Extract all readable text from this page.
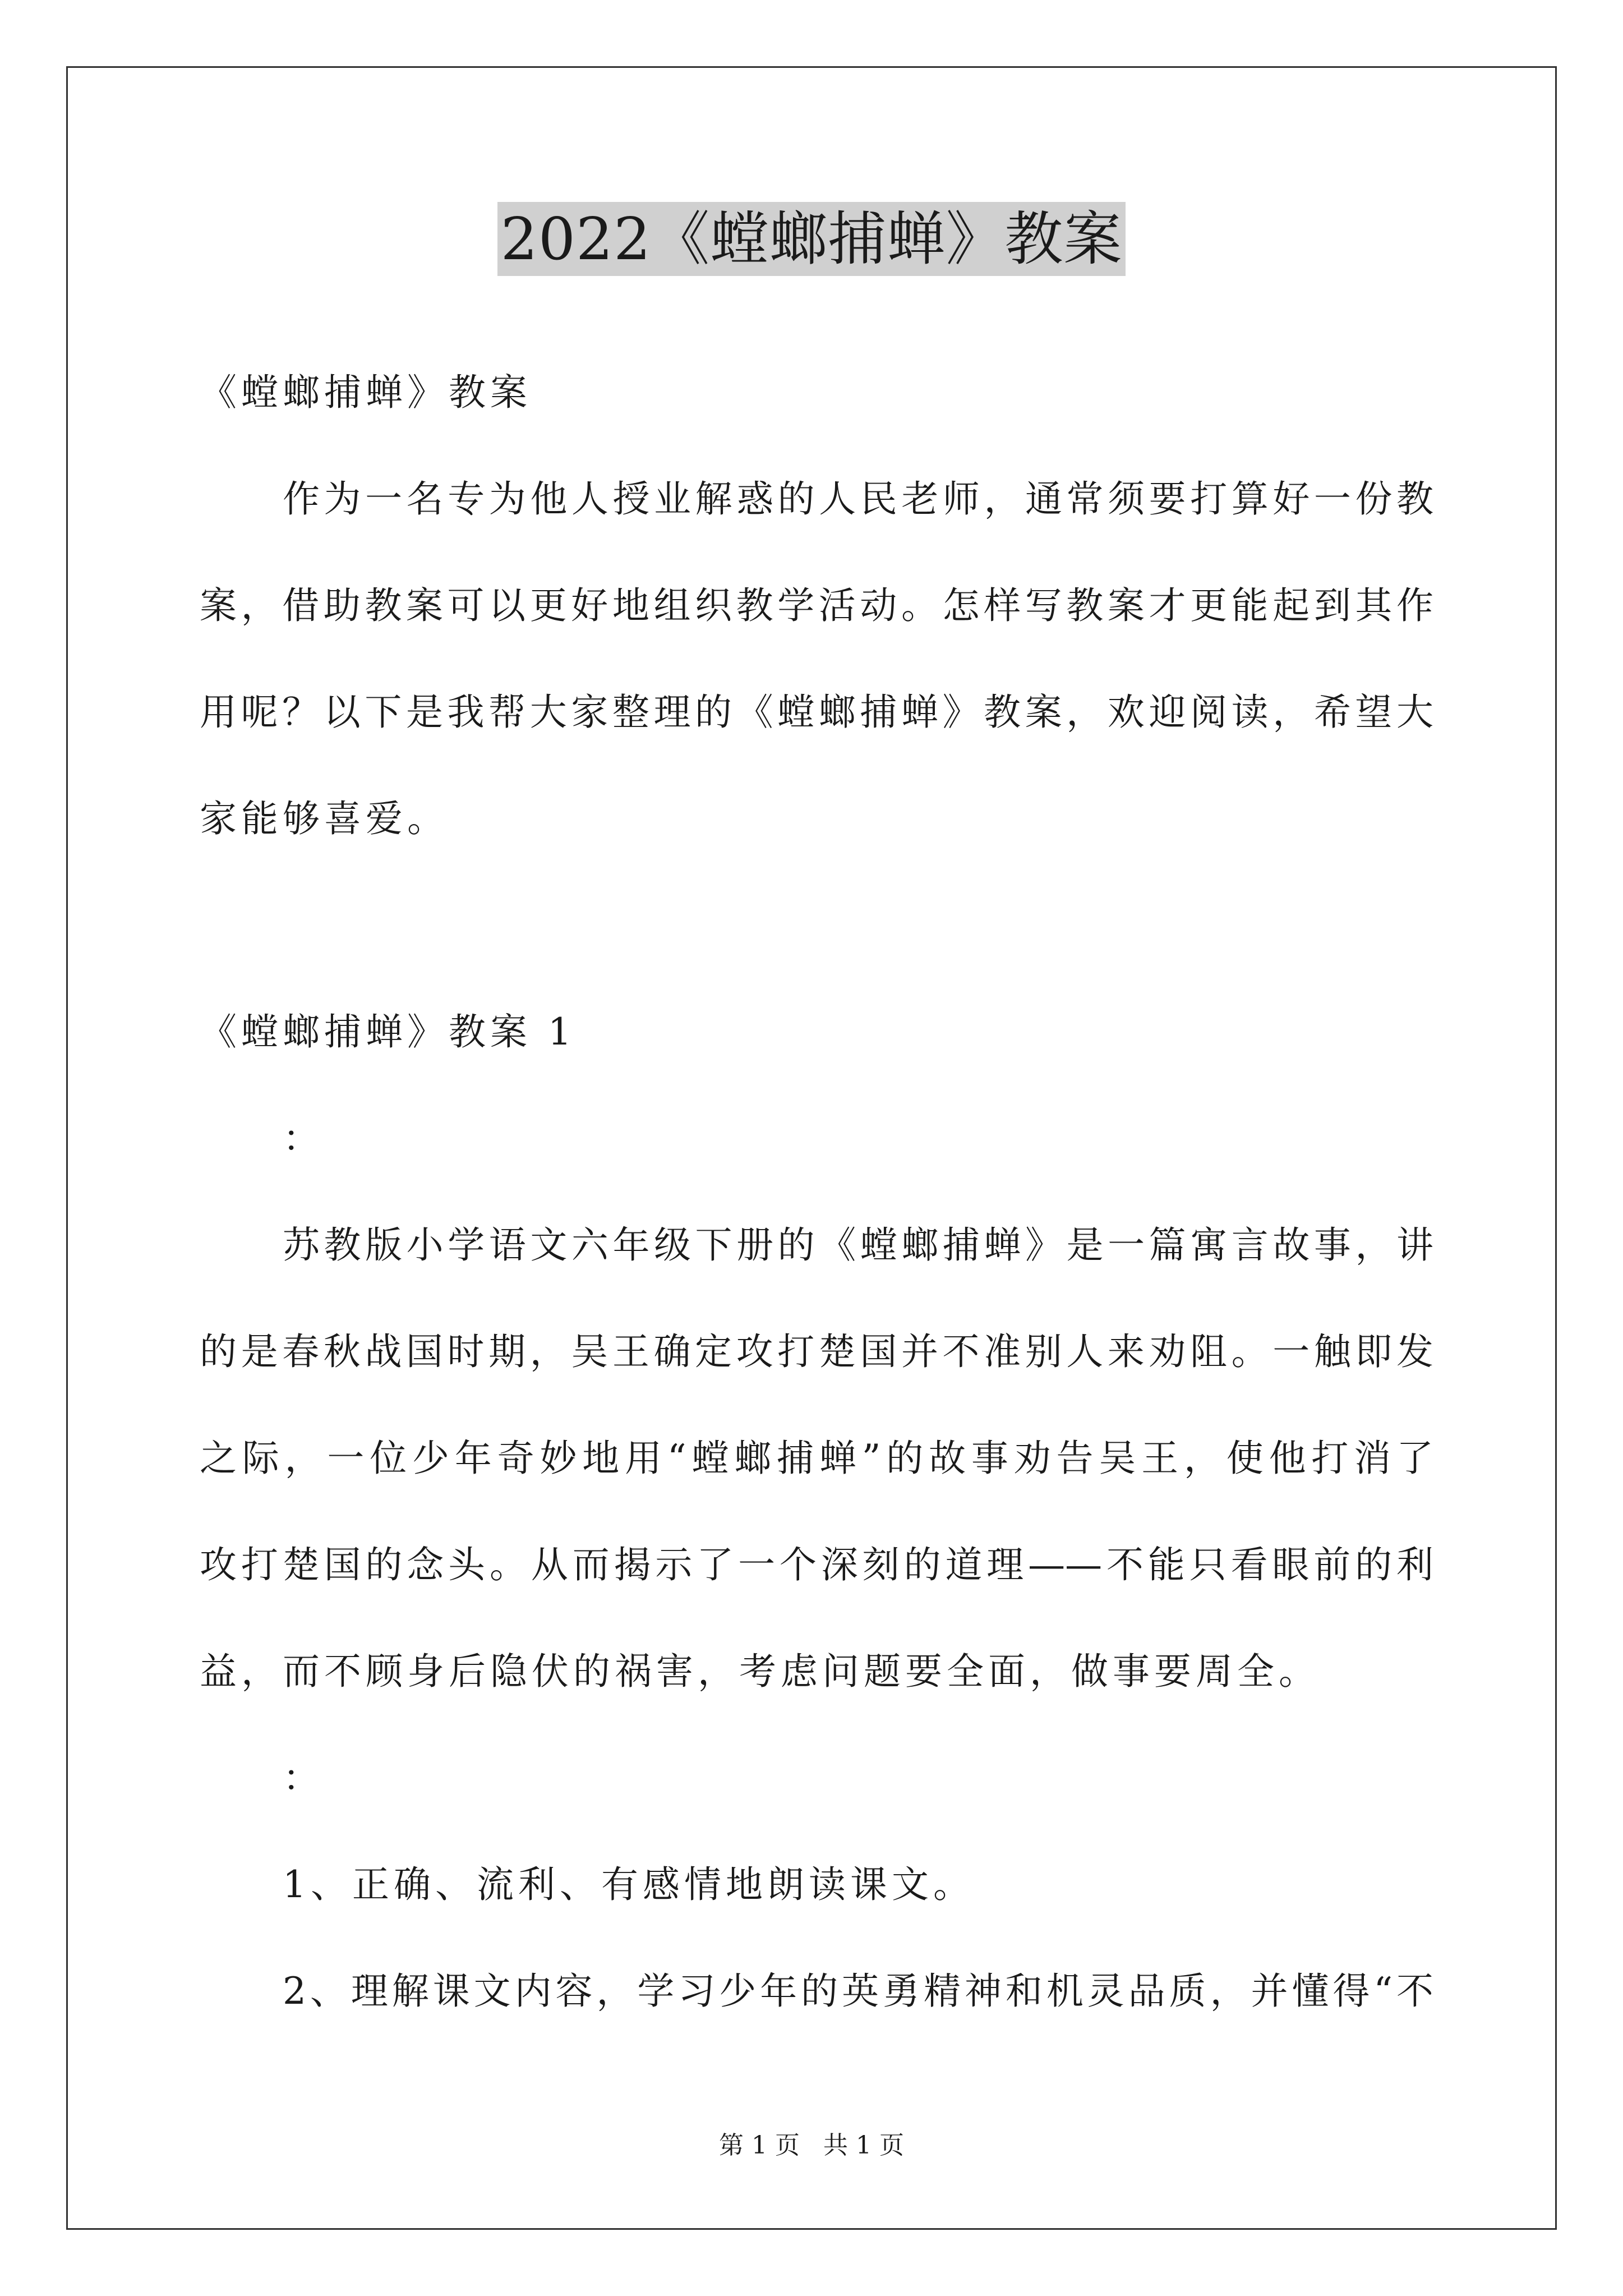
2022《螳螂捕蝉》教案
《螳螂捕蝉》教案
作为一名专为他人授业解惑的人民老师，通常须要打算好一份教
案，借助教案可以更好地组织教学活动。怎样写教案才更能起到其作
用呢？以下是我帮大家整理的《螳螂捕蝉》教案，欢迎阅读，希望大
家能够喜爱。
《螳螂捕蝉》教案 1
：
苏教版小学语文六年级下册的《螳螂捕蝉》是一篇寓言故事，讲
的是春秋战国时期，吴王确定攻打楚国并不准别人来劝阻。一触即发
之际，一位少年奇妙地用“螳螂捕蝉”的故事劝告吴王，使他打消了
攻打楚国的念头。从而揭示了一个深刻的道理——不能只看眼前的利
益，而不顾身后隐伏的祸害，考虑问题要全面，做事要周全。
：
1、正确、流利、有感情地朗读课文。
2、理解课文内容，学习少年的英勇精神和机灵品质，并懂得“不
第 1 页 共 1 页
